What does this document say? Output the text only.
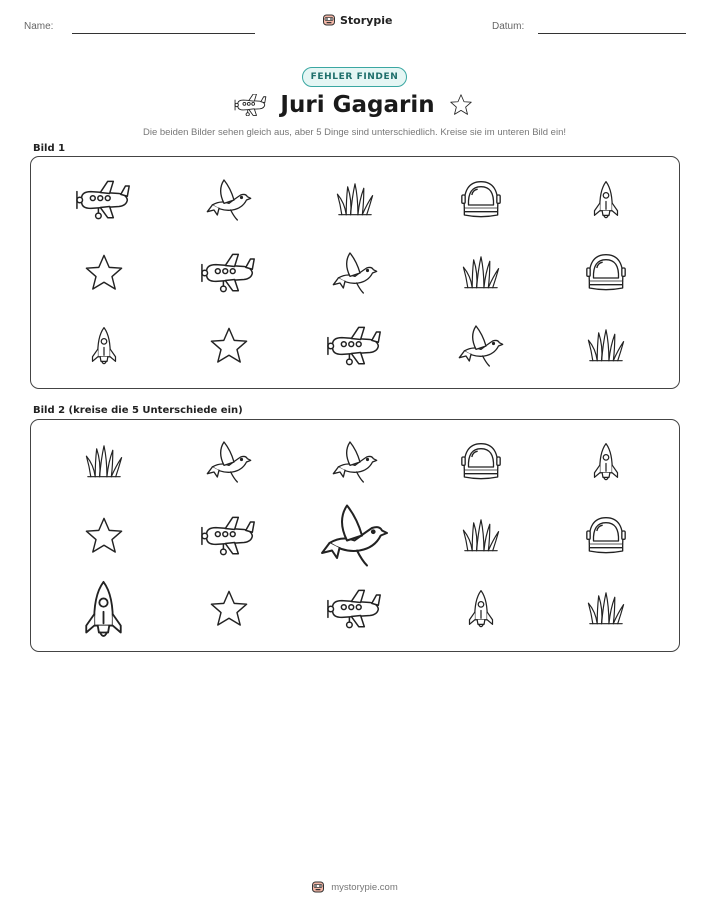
Name:	Storypie	Datum:
FEHLER FINDEN
Juri Gagarin
Die beiden Bilder sehen gleich aus, aber 5 Dinge sind unterschiedlich. Kreise sie im unteren Bild ein!
Bild 1
Bild 2 (kreise die 5 Unterschiede ein)
mystorypie.com
